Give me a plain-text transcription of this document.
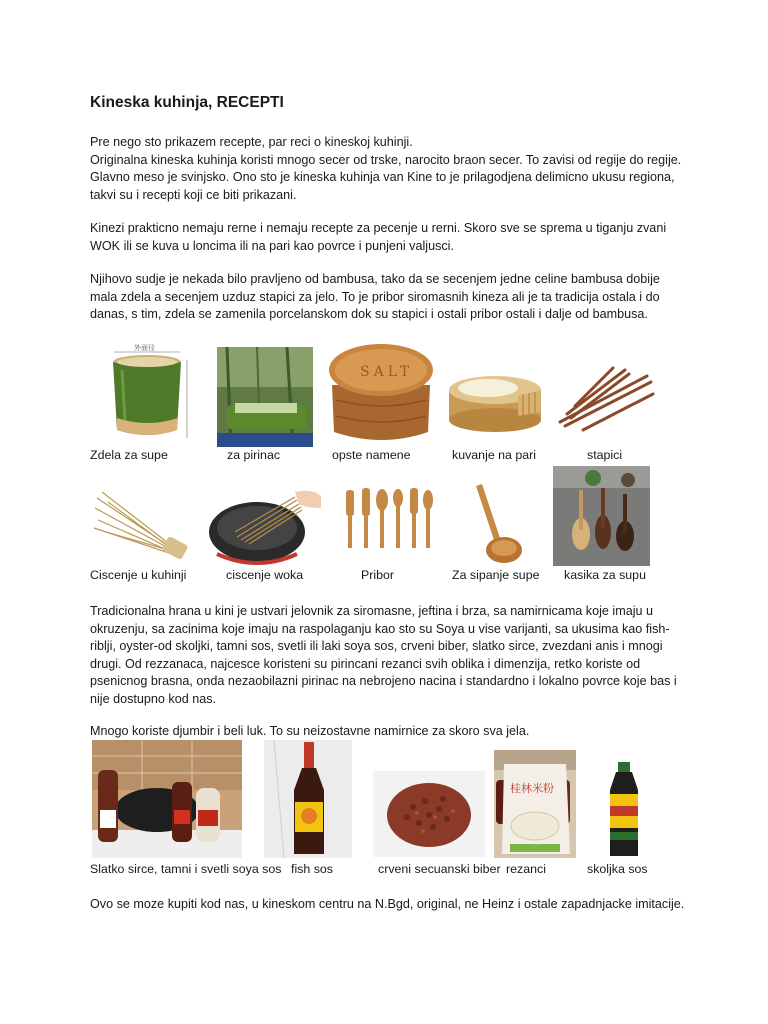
Kineska kuhinja, RECEPTI
Pre nego sto prikazem recepte, par reci o kineskoj kuhinji.
Originalna kineska kuhinja koristi mnogo secer od trske, narocito braon secer. To zavisi od regije do regije. Glavno meso je svinjsko. Ono sto je kineska kuhinja van Kine to je prilagodjena delimicno ukusu regiona, takvi su i recepti koji ce biti prikazani.
Kinezi prakticno nemaju rerne i nemaju recepte za pecenje u rerni. Skoro sve se sprema u tiganju zvani WOK ili se kuva u loncima ili na pari kao povrce i punjeni valjusci.
Njihovo sudje je nekada bilo pravljeno od bambusa, tako da se secenjem jedne celine bambusa dobije mala zdela a secenjem uzduz stapici za jelo. To je pribor siromasnih kineza ali je ta tradicija ostala i do danas, s tim, zdela se zamenila porcelanskom dok su stapici i ostali pribor ostali i dalje od bambusa.
外面径
SALT
Zdela za supe	za pirinac	opste namene	kuvanje na pari	stapici
Ciscenje u kuhinji	ciscenje woka	Pribor	Za sipanje supe kasika za supu
Tradicionalna hrana u kini je ustvari jelovnik za siromasne, jeftina i brza, sa namirnicama koje imaju u okruzenju, sa zacinima koje imaju na raspolaganju kao sto su Soya u vise varijanti, sa ukusima kao fish-riblji, oyster-od skoljki, tamni sos, svetli ili laki soya sos, crveni biber, slatko sirce, zvezdani anis i mnogi drugi. Od rezzanaca, najcesce koristeni su pirincani rezanci svih oblika i dimenzija, retko koriste od psenicnog brasna, onda nezaobilazni pirinac na nebrojeno nacina i standardno i lokalno povrce koje bas i nije dostupno kod nas.
Mnogo koriste djumbir i beli luk. To su neizostavne namirnice za skoro sva jela.
桂林米粉
Slatko sirce, tamni i svetli soya sos fish sos	crveni secuanski biber rezanci	skoljka sos
Ovo se moze kupiti kod nas, u kineskom centru na N.Bgd, original, ne Heinz i ostale zapadnjacke imitacije.
